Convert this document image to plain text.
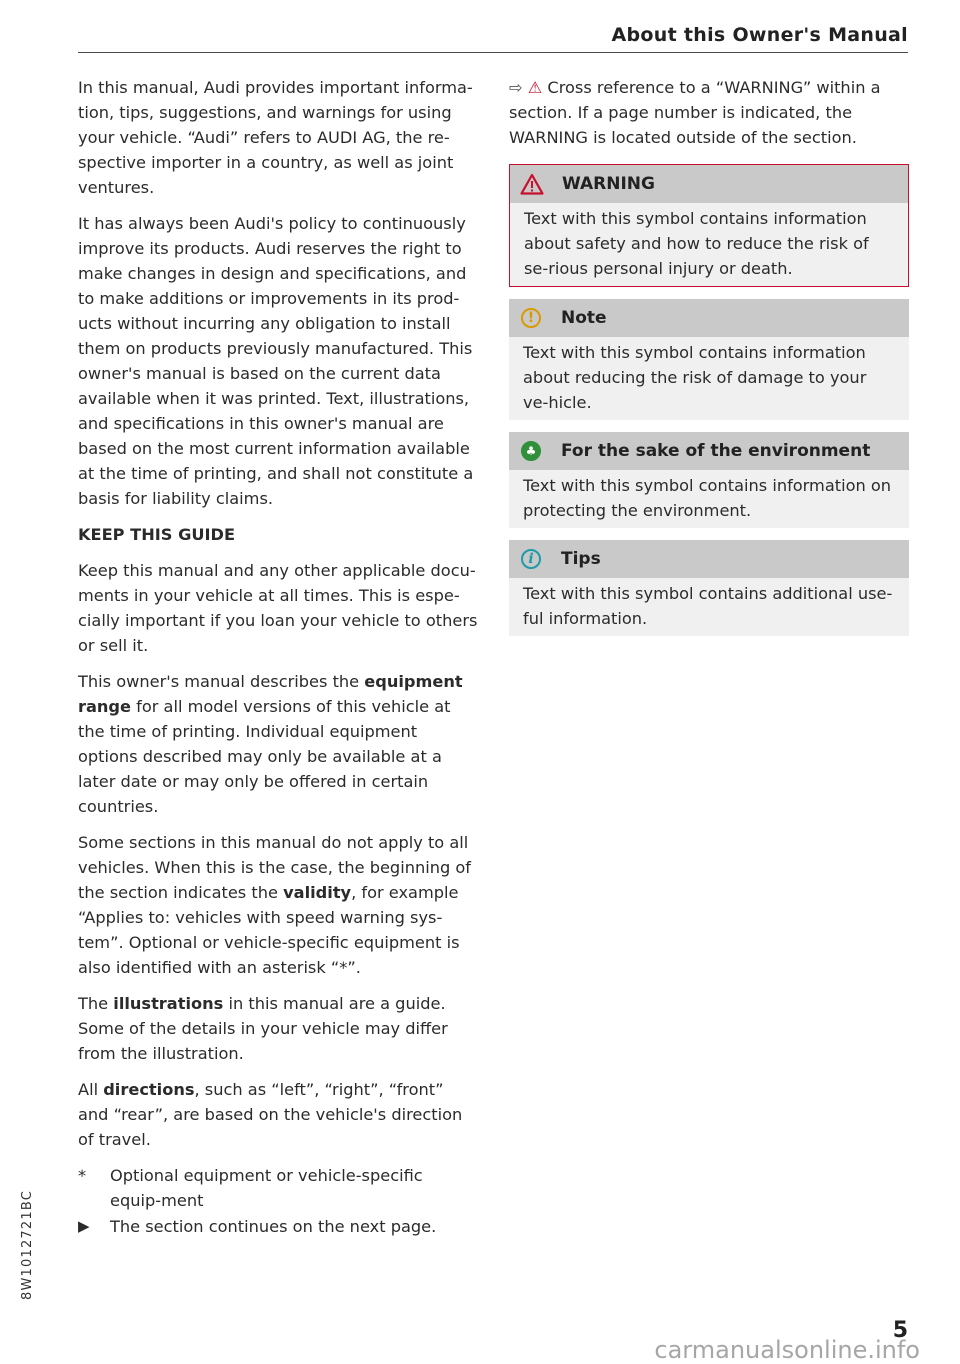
About this Owner's Manual

In this manual, Audi provides important informa-tion, tips, suggestions, and warnings for using your vehicle. “Audi” refers to AUDI AG, the re-spective importer in a country, as well as joint ventures.

It has always been Audi's policy to continuously improve its products. Audi reserves the right to make changes in design and specifications, and to make additions or improvements in its prod-ucts without incurring any obligation to install them on products previously manufactured. This owner's manual is based on the current data available when it was printed. Text, illustrations, and specifications in this owner's manual are based on the most current information available at the time of printing, and shall not constitute a basis for liability claims.

KEEP THIS GUIDE

Keep this manual and any other applicable docu-ments in your vehicle at all times. This is espe-cially important if you loan your vehicle to others or sell it.

This owner's manual describes the equipment range for all model versions of this vehicle at the time of printing. Individual equipment options described may only be available at a later date or may only be offered in certain countries.

Some sections in this manual do not apply to all vehicles. When this is the case, the beginning of the section indicates the validity, for example “Applies to: vehicles with speed warning sys-tem”. Optional or vehicle-specific equipment is also identified with an asterisk “*”.

The illustrations in this manual are a guide. Some of the details in your vehicle may differ from the illustration.

All directions, such as “left”, “right”, “front” and “rear”, are based on the vehicle's direction of travel.

*	Optional equipment or vehicle-specific equip-ment
▶	The section continues on the next page.

⇨ ⚠ Cross reference to a “WARNING” within a section. If a page number is indicated, the WARNING is located outside of the section.

WARNING
Text with this symbol contains information about safety and how to reduce the risk of se-rious personal injury or death.
!	Note
Text with this symbol contains information about reducing the risk of damage to your ve-hicle.
♣ For the sake of the environment
Text with this symbol contains information on protecting the environment.
i	Tips
Text with this symbol contains additional use-ful information.
8W1012721BC
5
carmanualsonline.info
